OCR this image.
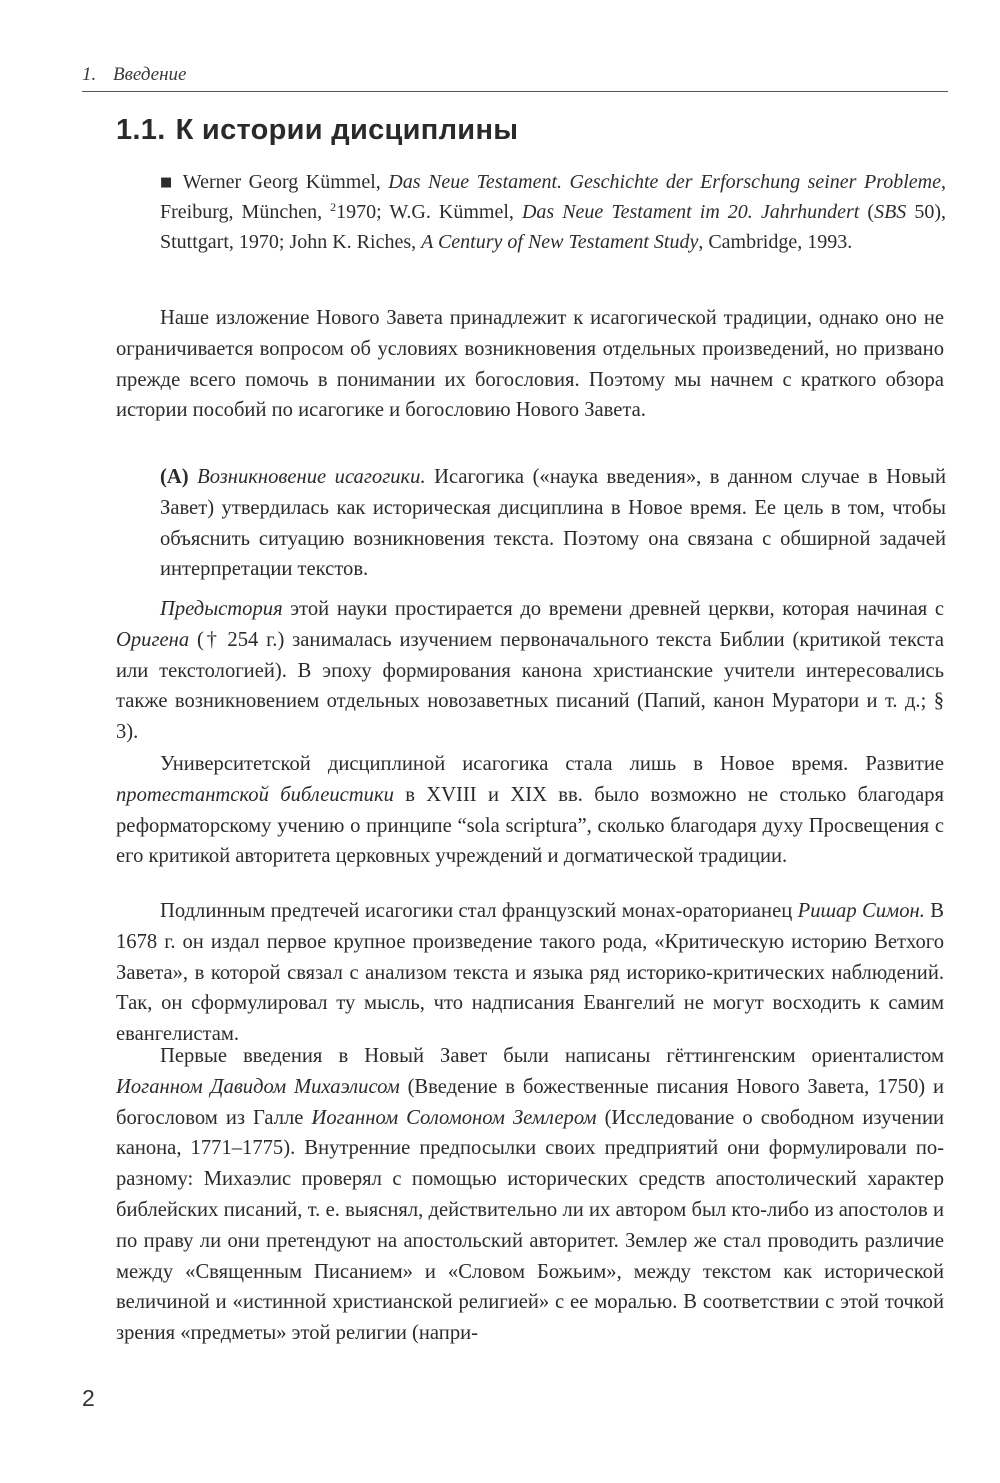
1. Введение
1.1. К истории дисциплины
■ Werner Georg Kümmel, Das Neue Testament. Geschichte der Erforschung seiner Probleme, Freiburg, München, $^2$1970; W.G. Kümmel, Das Neue Testament im 20. Jahrhundert (SBS 50), Stuttgart, 1970; John K. Riches, A Century of New Testament Study, Cambridge, 1993.

Наше изложение Нового Завета принадлежит к исагогической традиции, однако оно не ограничивается вопросом об условиях возникновения отдельных произведений, но призвано прежде всего помочь в понимании их богословия. Поэтому мы начнем с краткого обзора истории пособий по исагогике и богословию Нового Завета.

(А) Возникновение исагогики. Исагогика («наука введения», в данном случае в Новый Завет) утвердилась как историческая дисциплина в Новое время. Ее цель в том, чтобы объяснить ситуацию возникновения текста. Поэтому она связана с обширной задачей интерпретации текстов.

Предыстория этой науки простирается до времени древней церкви, которая начиная с Оригена († 254 г.) занималась изучением первоначального текста Библии (критикой текста или текстологией). В эпоху формирования канона христианские учители интересовались также возникновением отдельных новозаветных писаний (Папий, канон Муратори и т. д.; § 3).

Университетской дисциплиной исагогика стала лишь в Новое время. Развитие протестантской библеистики в XVIII и XIX вв. было возможно не столько благодаря реформаторскому учению о принципе “sola scriptura”, сколько благодаря духу Просвещения с его критикой авторитета церковных учреждений и догматической традиции.

Подлинным предтечей исагогики стал французский монах-ораторианец Ришар Симон. В 1678 г. он издал первое крупное произведение такого рода, «Критическую историю Ветхого Завета», в которой связал с анализом текста и языка ряд историко-критических наблюдений. Так, он сформулировал ту мысль, что надписания Евангелий не могут восходить к самим евангелистам.

Первые введения в Новый Завет были написаны гёттингенским ориенталистом Иоганном Давидом Михаэлисом (Введение в божественные писания Нового Завета, 1750) и богословом из Галле Иоганном Соломоном Землером (Исследование о свободном изучении канона, 1771–1775). Внутренние предпосылки своих предприятий они формулировали по-разному: Михаэлис проверял с помощью исторических средств апостолический характер библейских писаний, т. е. выяснял, действительно ли их автором был кто-либо из апостолов и по праву ли они претендуют на апостольский авторитет. Землер же стал проводить различие между «Священным Писанием» и «Словом Божьим», между текстом как исторической величиной и «истинной христианской религией» с ее моралью. В соответствии с этой точкой зрения «предметы» этой религии (напри-

2
